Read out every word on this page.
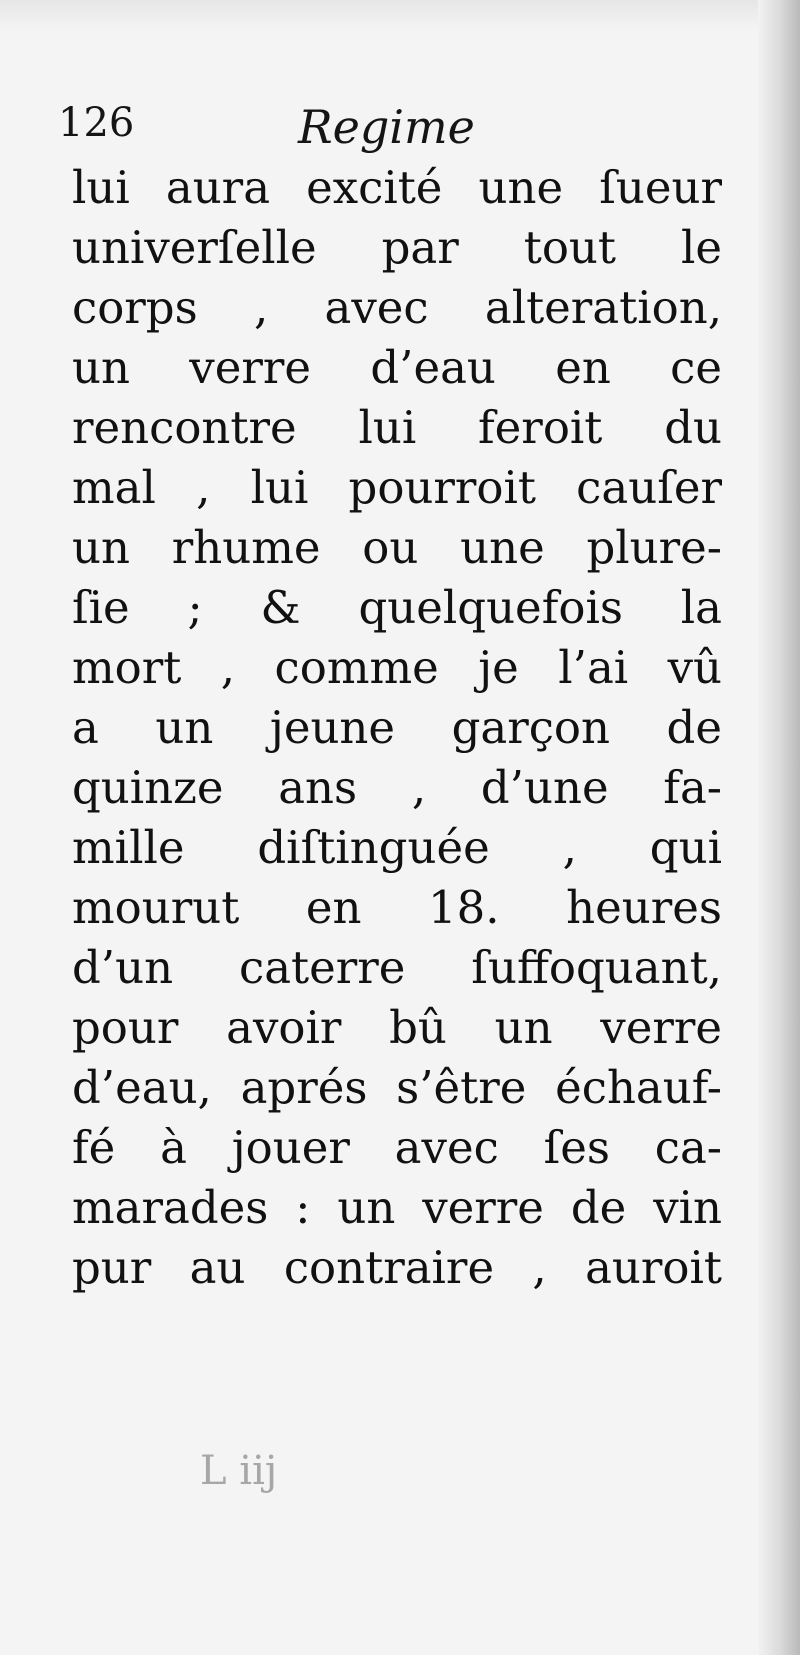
126	Regime
lui aura excité une ſueur
univerſelle par tout le
corps , avec alteration,
un verre d’eau en ce
rencontre lui feroit du
mal , lui pourroit cauſer
un rhume ou une plure-
ſie ; & quelquefois la
mort , comme je l’ai vû
a un jeune garçon de
quinze ans , d’une fa-
mille diſtinguée , qui
mourut en 18. heures
d’un caterre ſuffoquant,
pour avoir bû un verre
d’eau, aprés s’être échauf-
fé à jouer avec ſes ca-
marades : un verre de vin
pur au contraire , auroit
L iij
